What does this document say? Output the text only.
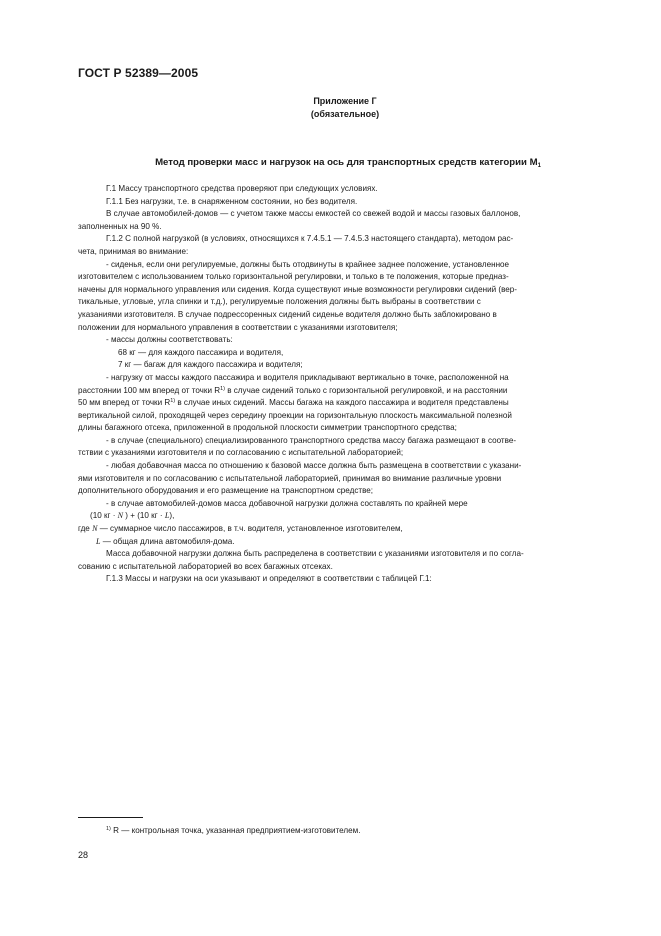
ГОСТ Р 52389—2005
Приложение Г
(обязательное)
Метод проверки масс и нагрузок на ось для транспортных средств категории $M_1$

Г.1 Массу транспортного средства проверяют при следующих условиях.

Г.1.1 Без нагрузки, т.е. в снаряженном состоянии, но без водителя.

В случае автомобилей-домов — с учетом также массы емкостей со свежей водой и массы газовых баллонов,

заполненных на 90 %.

Г.1.2 С полной нагрузкой (в условиях, относящихся к 7.4.5.1 — 7.4.5.3 настоящего стандарта), методом рас-

чета, принимая во внимание:

- сиденья, если они регулируемые, должны быть отодвинуты в крайнее заднее положение, установленное

изготовителем с использованием только горизонтальной регулировки, и только в те положения, которые предназ-

начены для нормального управления или сидения. Когда существуют иные возможности регулировки сидений (вер-

тикальные, угловые, угла спинки и т.д.), регулируемые положения должны быть выбраны в соответствии с

указаниями изготовителя. В случае подрессоренных сидений сиденье водителя должно быть заблокировано в

положении для нормального управления в соответствии с указаниями изготовителя;

- массы должны соответствовать:

68 кг — для каждого пассажира и водителя,

7 кг — багаж для каждого пассажира и водителя;

- нагрузку от массы каждого пассажира и водителя прикладывают вертикально в точке, расположенной на

расстоянии 100 мм вперед от точки $R^{1)}$ в случае сидений только с горизонтальной регулировкой, и на расстоянии

50 мм вперед от точки $R^{1)}$ в случае иных сидений. Массы багажа на каждого пассажира и водителя представлены

вертикальной силой, проходящей через середину проекции на горизонтальную плоскость максимальной полезной

длины багажного отсека, приложенной в продольной плоскости симметрии транспортного средства;

- в случае (специального) специализированного транспортного средства массу багажа размещают в соотве-

тствии с указаниями изготовителя и по согласованию с испытательной лабораторией;

- любая добавочная масса по отношению к базовой массе должна быть размещена в соответствии с указани-

ями изготовителя и по согласованию с испытательной лабораторией, принимая во внимание различные уровни

дополнительного оборудования и его размещение на транспортном средстве;

- в случае автомобилей-домов масса добавочной нагрузки должна составлять по крайней мере

(10 кг · N ) + (10 кг · L),

где N — суммарное число пассажиров, в т.ч. водителя, установленное изготовителем,

L — общая длина автомобиля-дома.

Масса добавочной нагрузки должна быть распределена в соответствии с указаниями изготовителя и по согла-

сованию с испытательной лабораторией во всех багажных отсеках.

Г.1.3 Массы и нагрузки на оси указывают и определяют в соответствии с таблицей Г.1:

$^{1)}$ R — контрольная точка, указанная предприятием-изготовителем.
28
